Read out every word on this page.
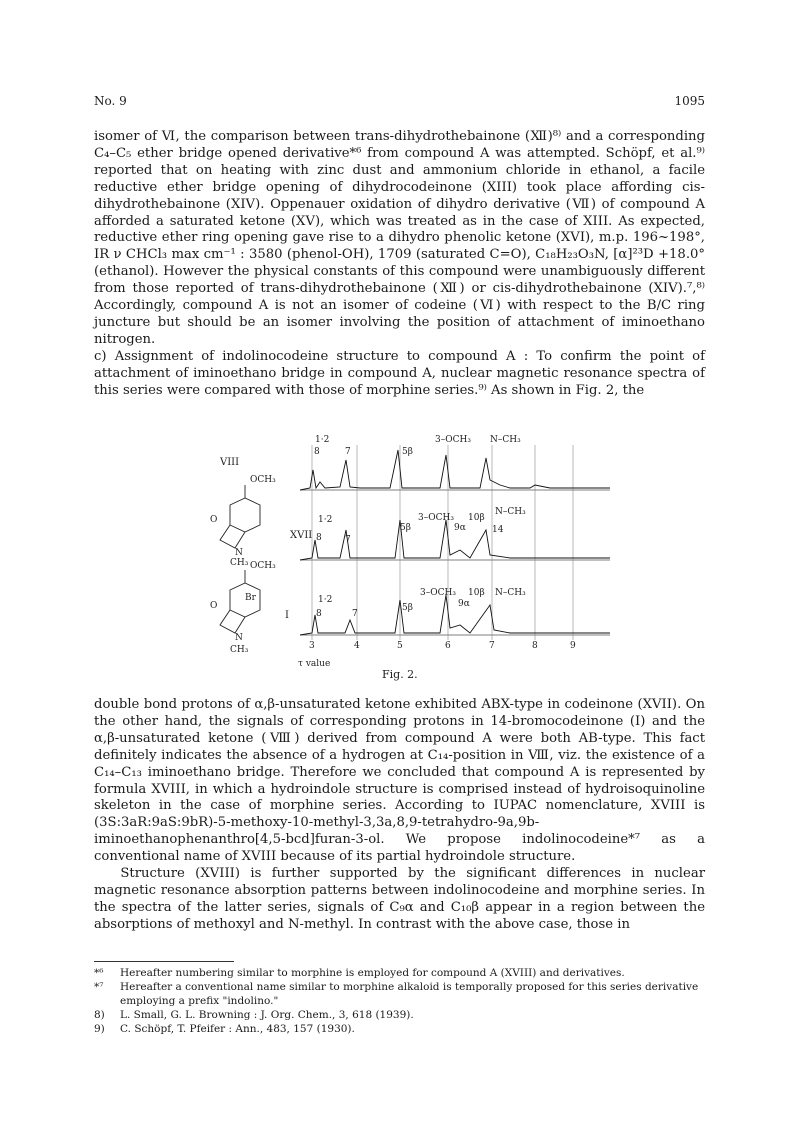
No. 9	1095

isomer of Ⅵ, the comparison between trans-dihydrothebainone (Ⅻ)⁸⁾ and a corresponding C₄–C₅ ether bridge opened derivative*⁶ from compound A was attempted. Schöpf, et al.⁹⁾ reported that on heating with zinc dust and ammonium chloride in ethanol, a facile reductive ether bridge opening of dihydrocodeinone (XIII) took place affording cis-dihydrothebainone (XIV). Oppenauer oxidation of dihydro derivative (Ⅶ) of compound A afforded a saturated ketone (XV), which was treated as in the case of XIII. As expected, reductive ether ring opening gave rise to a dihydro phenolic ketone (XVI), m.p. 196~198°, IR ν CHCl₃ max cm⁻¹ : 3580 (phenol-OH), 1709 (saturated C=O), C₁₈H₂₃O₃N, [α]²³D +18.0° (ethanol). However the physical constants of this compound were unambiguously different from those reported of trans-dihydrothebainone (Ⅻ) or cis-dihydrothebainone (XIV).⁷,⁸⁾ Accordingly, compound A is not an isomer of codeine (Ⅵ) with respect to the B/C ring juncture but should be an isomer involving the position of attachment of iminoethano nitrogen.

c) Assignment of indolinocodeine structure to compound A : To confirm the point of attachment of iminoethano bridge in compound A, nuclear magnetic resonance spectra of this series were compared with those of morphine series.⁹⁾ As shown in Fig. 2, the

VIII
XVII
I
1·2
8	7	5β
3–OCH₃ N–CH₃
1·2
8	7
5β
3–OCH₃ 10β
9α	14
N–CH₃
1·2
8	7
5β
3–OCH₃ 10β
9α
N–CH₃
OCH₃
O
N
CH₃ OCH₃
O
Br
N
CH₃	3	4	5	6	7	8	9
τ value
Fig. 2.

double bond protons of α,β-unsaturated ketone exhibited ABX-type in codeinone (XVII). On the other hand, the signals of corresponding protons in 14-bromocodeinone (I) and the α,β-unsaturated ketone (Ⅷ) derived from compound A were both AB-type. This fact definitely indicates the absence of a hydrogen at C₁₄-position in Ⅷ, viz. the existence of a C₁₄–C₁₃ iminoethano bridge. Therefore we concluded that compound A is represented by formula XVIII, in which a hydroindole structure is comprised instead of hydroisoquinoline skeleton in the case of morphine series. According to IUPAC nomenclature, XVIII is (3S:3aR:9aS:9bR)-5-methoxy-10-methyl-3,3a,8,9-tetrahydro-9a,9b-iminoethanophenanthro[4,5-bcd]furan-3-ol. We propose indolinocodeine*⁷ as a conventional name of XVIII because of its partial hydroindole structure.

Structure (XVIII) is further supported by the significant differences in nuclear magnetic resonance absorption patterns between indolinocodeine and morphine series. In the spectra of the latter series, signals of C₉α and C₁₀β appear in a region between the absorptions of methoxyl and N-methyl. In contrast with the above case, those in

*⁶	Hereafter numbering similar to morphine is employed for compound A (XVIII) and derivatives.
*⁷	Hereafter a conventional name similar to morphine alkaloid is temporally proposed for this series derivative employing a prefix "indolino."
8)	L. Small, G. L. Browning : J. Org. Chem., 3, 618 (1939).
9)	C. Schöpf, T. Pfeifer : Ann., 483, 157 (1930).
